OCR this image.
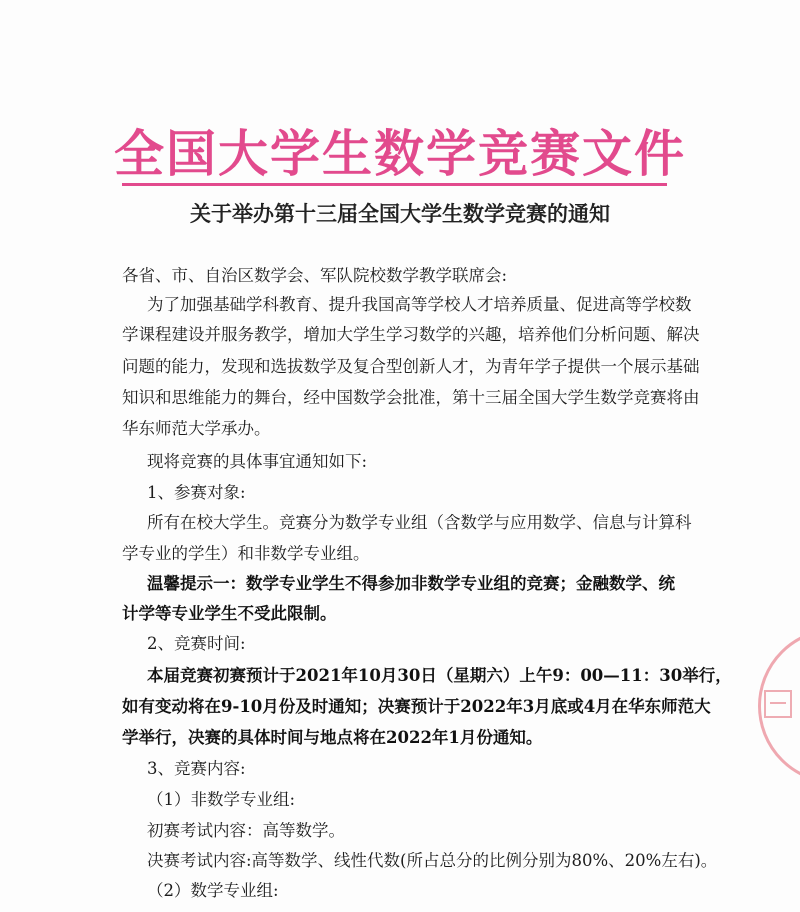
全国大学生数学竞赛文件
关于举办第十三届全国大学生数学竞赛的通知
各省、市、自治区数学会、军队院校数学教学联席会:
为了加强基础学科教育、提升我国高等学校人才培养质量、促进高等学校数
学课程建设并服务教学，增加大学生学习数学的兴趣，培养他们分析问题、解决
问题的能力，发现和选拔数学及复合型创新人才，为青年学子提供一个展示基础
知识和思维能力的舞台，经中国数学会批准，第十三届全国大学生数学竞赛将由
华东师范大学承办。
现将竞赛的具体事宜通知如下:
1、参赛对象:
所有在校大学生。竞赛分为数学专业组（含数学与应用数学、信息与计算科
学专业的学生）和非数学专业组。
温馨提示一：数学专业学生不得参加非数学专业组的竞赛；金融数学、统
计学等专业学生不受此限制。
2、竞赛时间:
本届竞赛初赛预计于2021年10月30日（星期六）上午9：00—11：30举行，
如有变动将在9-10月份及时通知；决赛预计于2022年3月底或4月在华东师范大
学举行，决赛的具体时间与地点将在2022年1月份通知。
3、竞赛内容:
（1）非数学专业组:
初赛考试内容：高等数学。
决赛考试内容:高等数学、线性代数(所占总分的比例分别为80%、20%左右)。
（2）数学专业组:
